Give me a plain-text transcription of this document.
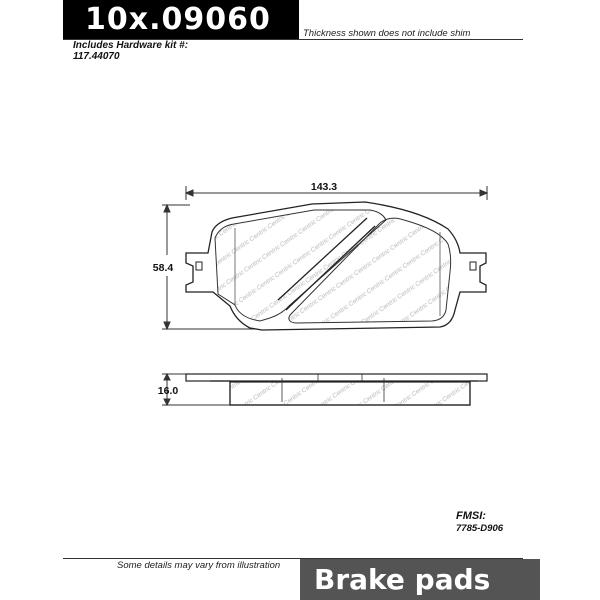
10x.09060	Thickness shown does not include shim
Includes Hardware kit #:
117.44070
143.3
58.4
16.0
FMSI:
7785-D906
Some details may vary from illustration	Brake pads
